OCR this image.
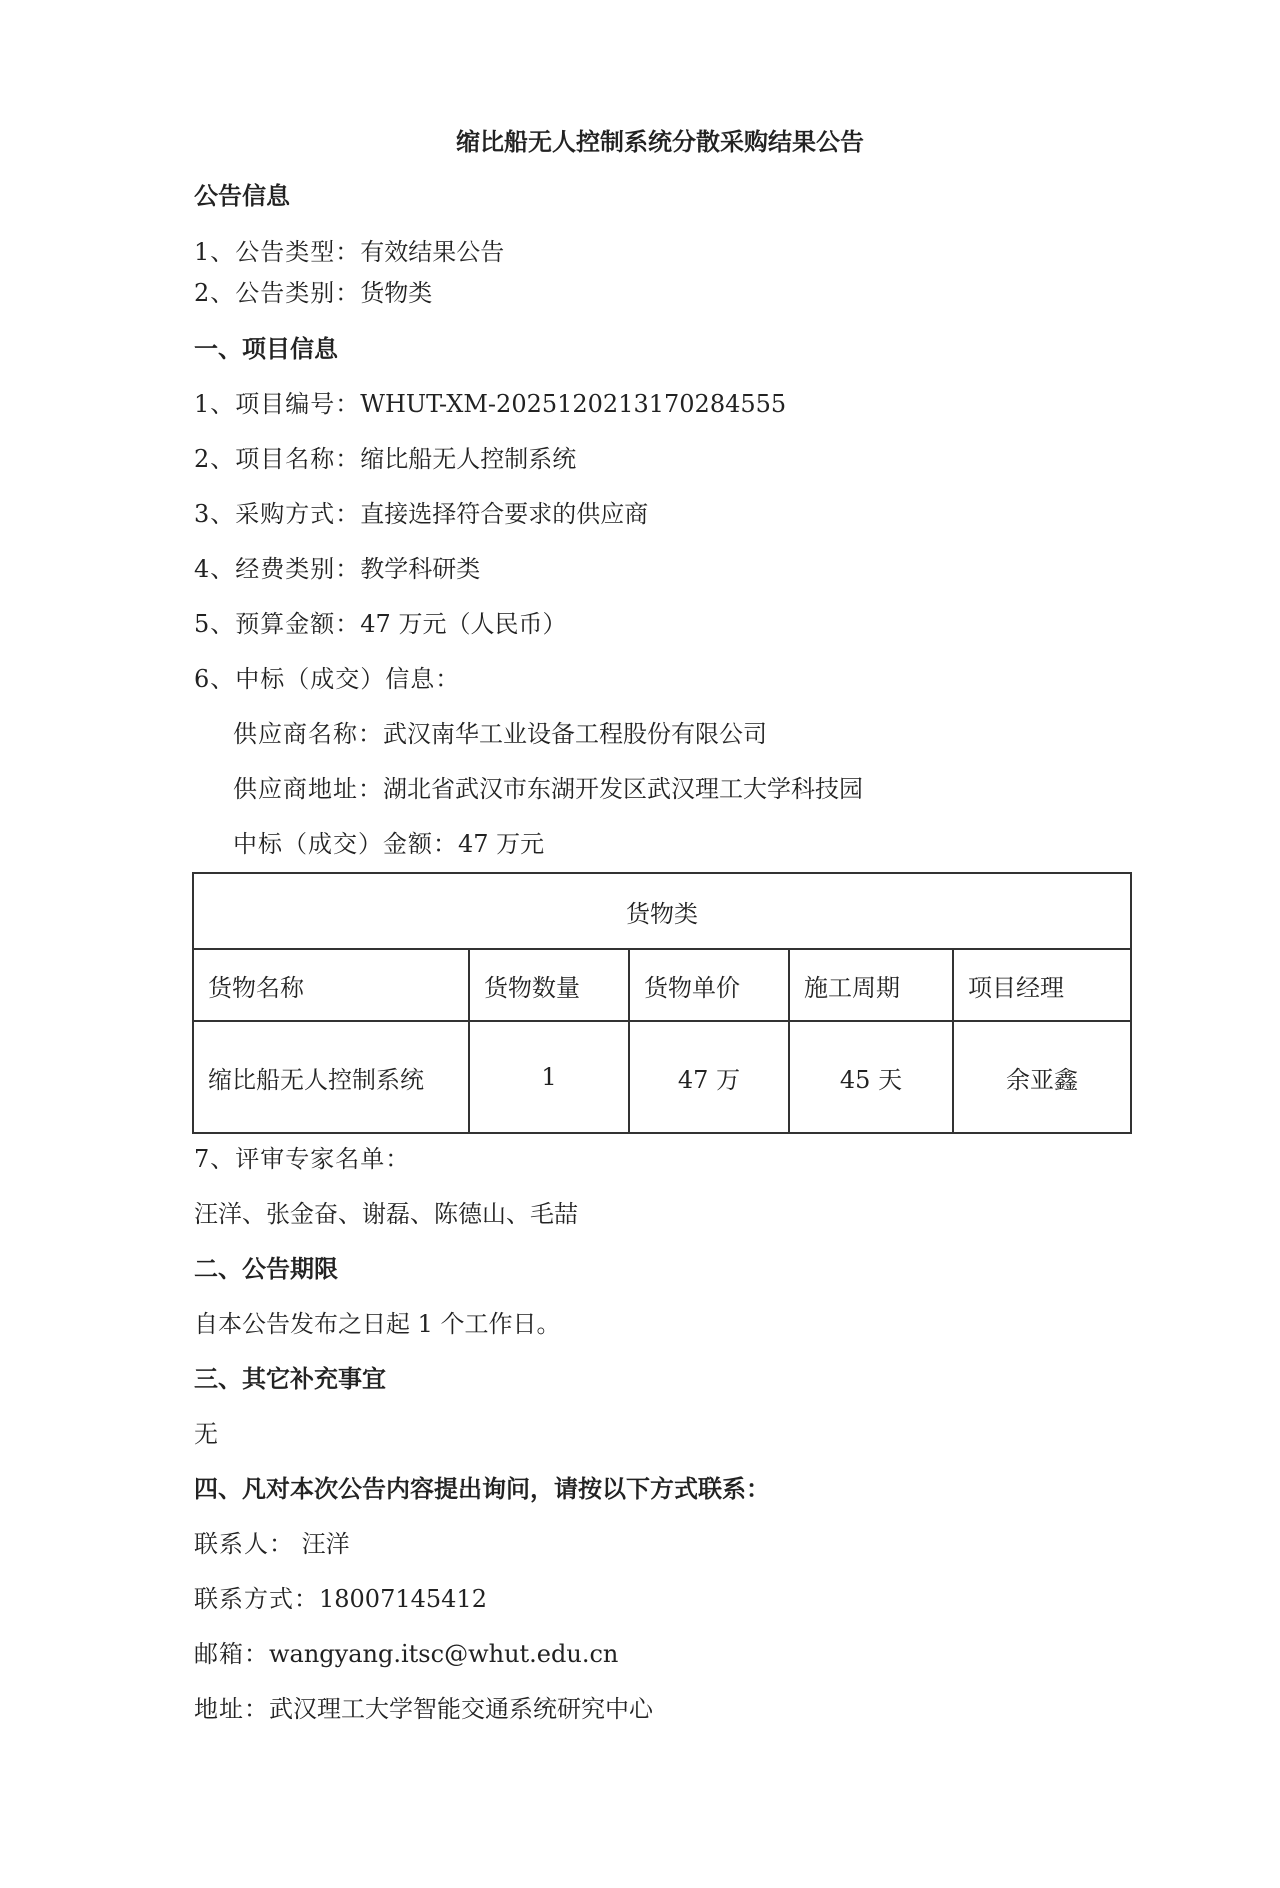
缩比船无人控制系统分散采购结果公告
公告信息
1、公告类型：有效结果公告
2、公告类别：货物类
一、项目信息
1、项目编号：WHUT-XM-20251202131702845​55
2、项目名称：缩比船无人控制系统
3、采购方式：直接选择符合要求的供应商
4、经费类别：教学科研类
5、预算金额：47 万元（人民币）
6、中标（成交）信息：
供应商名称：武汉南华工业设备工程股份有限公司
供应商地址：湖北省武汉市东湖开发区武汉理工大学科技园
中标（成交）金额：47 万元
货物类				
货物名称	货物数量	货物单价	施工周期	项目经理
缩比船无人控制系统	1	47 万	45 天	余亚鑫
7、评审专家名单：
汪洋、张金奋、谢磊、陈德山、毛喆
二、公告期限
自本公告发布之日起 1 个工作日。
三、其它补充事宜
无
四、凡对本次公告内容提出询问，请按以下方式联系：
联系人： 汪洋
联系方式：18007145412
邮箱：wangyang.itsc@whut.edu.cn
地址：武汉理工大学智能交通系统研究中心
